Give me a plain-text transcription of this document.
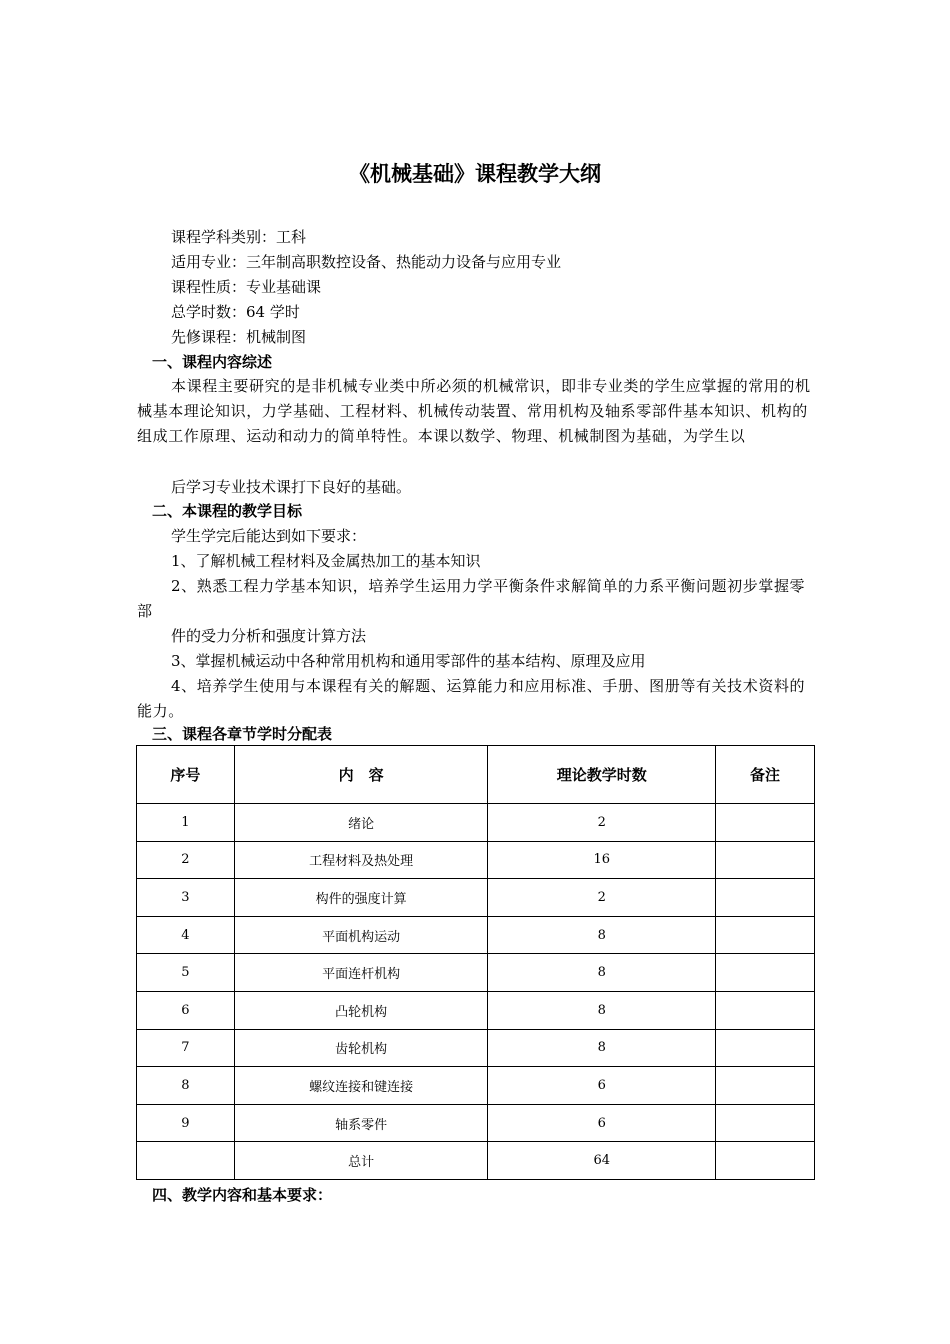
《机械基础》课程教学大纲
课程学科类别：工科
适用专业：三年制高职数控设备、热能动力设备与应用专业
课程性质：专业基础课
总学时数：64 学时
先修课程：机械制图
一、课程内容综述
本课程主要研究的是非机械专业类中所必须的机械常识，即非专业类的学生应掌握的常用的机械基本理论知识，力学基础、工程材料、机械传动装置、常用机构及轴系零部件基本知识、机构的组成工作原理、运动和动力的简单特性。本课以数学、物理、机械制图为基础，为学生以
后学习专业技术课打下良好的基础。
二、本课程的教学目标
学生学完后能达到如下要求：
1、了解机械工程材料及金属热加工的基本知识
2、熟悉工程力学基本知识，培养学生运用力学平衡条件求解简单的力系平衡问题初步掌握零部
件的受力分析和强度计算方法
3、掌握机械运动中各种常用机构和通用零部件的基本结构、原理及应用
4、培养学生使用与本课程有关的解题、运算能力和应用标准、手册、图册等有关技术资料的能力。
三、课程各章节学时分配表
序号	内　容	理论教学时数	备注
1	绪论	2	
2	工程材料及热处理	16	
3	构件的强度计算	2	
4	平面机构运动	8	
5	平面连杆机构	8	
6	凸轮机构	8	
7	齿轮机构	8	
8	螺纹连接和键连接	6	
9	轴系零件	6	
	总计	64	
四、教学内容和基本要求：
